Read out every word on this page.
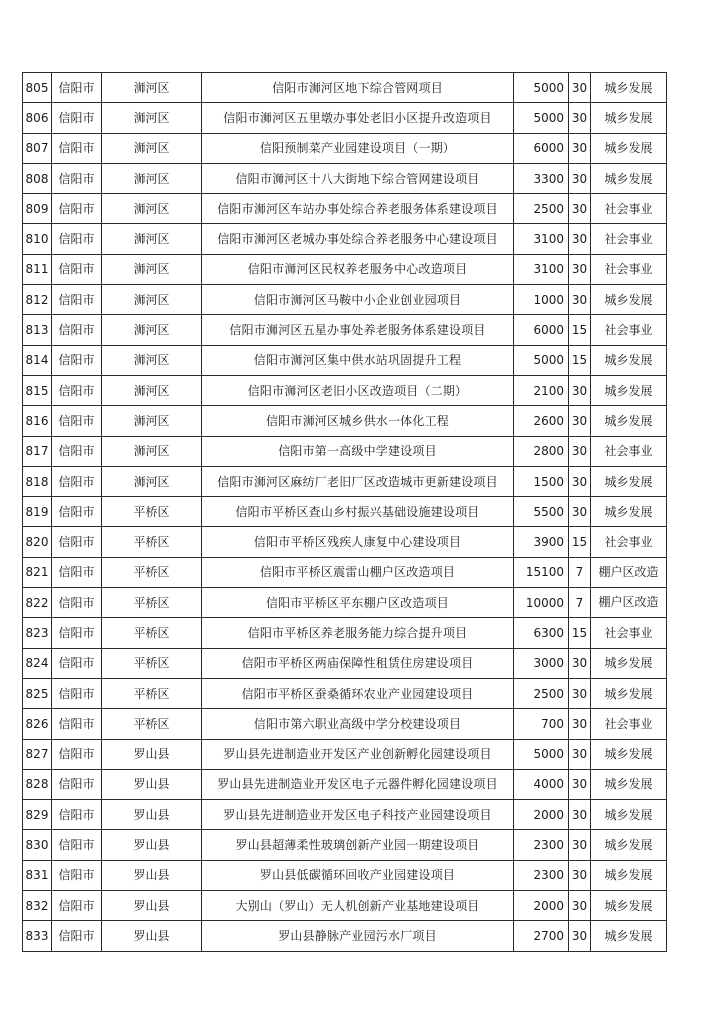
805	信阳市	浉河区	信阳市浉河区地下综合管网项目	5000	30	城乡发展
806	信阳市	浉河区	信阳市浉河区五里墩办事处老旧小区提升改造项目	5000	30	城乡发展
807	信阳市	浉河区	信阳预制菜产业园建设项目（一期）	6000	30	城乡发展
808	信阳市	浉河区	信阳市浉河区十八大街地下综合管网建设项目	3300	30	城乡发展
809	信阳市	浉河区	信阳市浉河区车站办事处综合养老服务体系建设项目	2500	30	社会事业
810	信阳市	浉河区	信阳市浉河区老城办事处综合养老服务中心建设项目	3100	30	社会事业
811	信阳市	浉河区	信阳市浉河区民权养老服务中心改造项目	3100	30	社会事业
812	信阳市	浉河区	信阳市浉河区马鞍中小企业创业园项目	1000	30	城乡发展
813	信阳市	浉河区	信阳市浉河区五星办事处养老服务体系建设项目	6000	15	社会事业
814	信阳市	浉河区	信阳市浉河区集中供水站巩固提升工程	5000	15	城乡发展
815	信阳市	浉河区	信阳市浉河区老旧小区改造项目（二期）	2100	30	城乡发展
816	信阳市	浉河区	信阳市浉河区城乡供水一体化工程	2600	30	城乡发展
817	信阳市	浉河区	信阳市第一高级中学建设项目	2800	30	社会事业
818	信阳市	浉河区	信阳市浉河区麻纺厂老旧厂区改造城市更新建设项目	1500	30	城乡发展
819	信阳市	平桥区	信阳市平桥区查山乡村振兴基础设施建设项目	5500	30	城乡发展
820	信阳市	平桥区	信阳市平桥区残疾人康复中心建设项目	3900	15	社会事业
821	信阳市	平桥区	信阳市平桥区震雷山棚户区改造项目	15100	7	棚户区改造
822	信阳市	平桥区	信阳市平桥区平东棚户区改造项目	10000	7	棚户区改造
823	信阳市	平桥区	信阳市平桥区养老服务能力综合提升项目	6300	15	社会事业
824	信阳市	平桥区	信阳市平桥区两庙保障性租赁住房建设项目	3000	30	城乡发展
825	信阳市	平桥区	信阳市平桥区蚕桑循环农业产业园建设项目	2500	30	城乡发展
826	信阳市	平桥区	信阳市第六职业高级中学分校建设项目	700	30	社会事业
827	信阳市	罗山县	罗山县先进制造业开发区产业创新孵化园建设项目	5000	30	城乡发展
828	信阳市	罗山县	罗山县先进制造业开发区电子元器件孵化园建设项目	4000	30	城乡发展
829	信阳市	罗山县	罗山县先进制造业开发区电子科技产业园建设项目	2000	30	城乡发展
830	信阳市	罗山县	罗山县超薄柔性玻璃创新产业园一期建设项目	2300	30	城乡发展
831	信阳市	罗山县	罗山县低碳循环回收产业园建设项目	2300	30	城乡发展
832	信阳市	罗山县	大别山（罗山）无人机创新产业基地建设项目	2000	30	城乡发展
833	信阳市	罗山县	罗山县静脉产业园污水厂项目	2700	30	城乡发展
